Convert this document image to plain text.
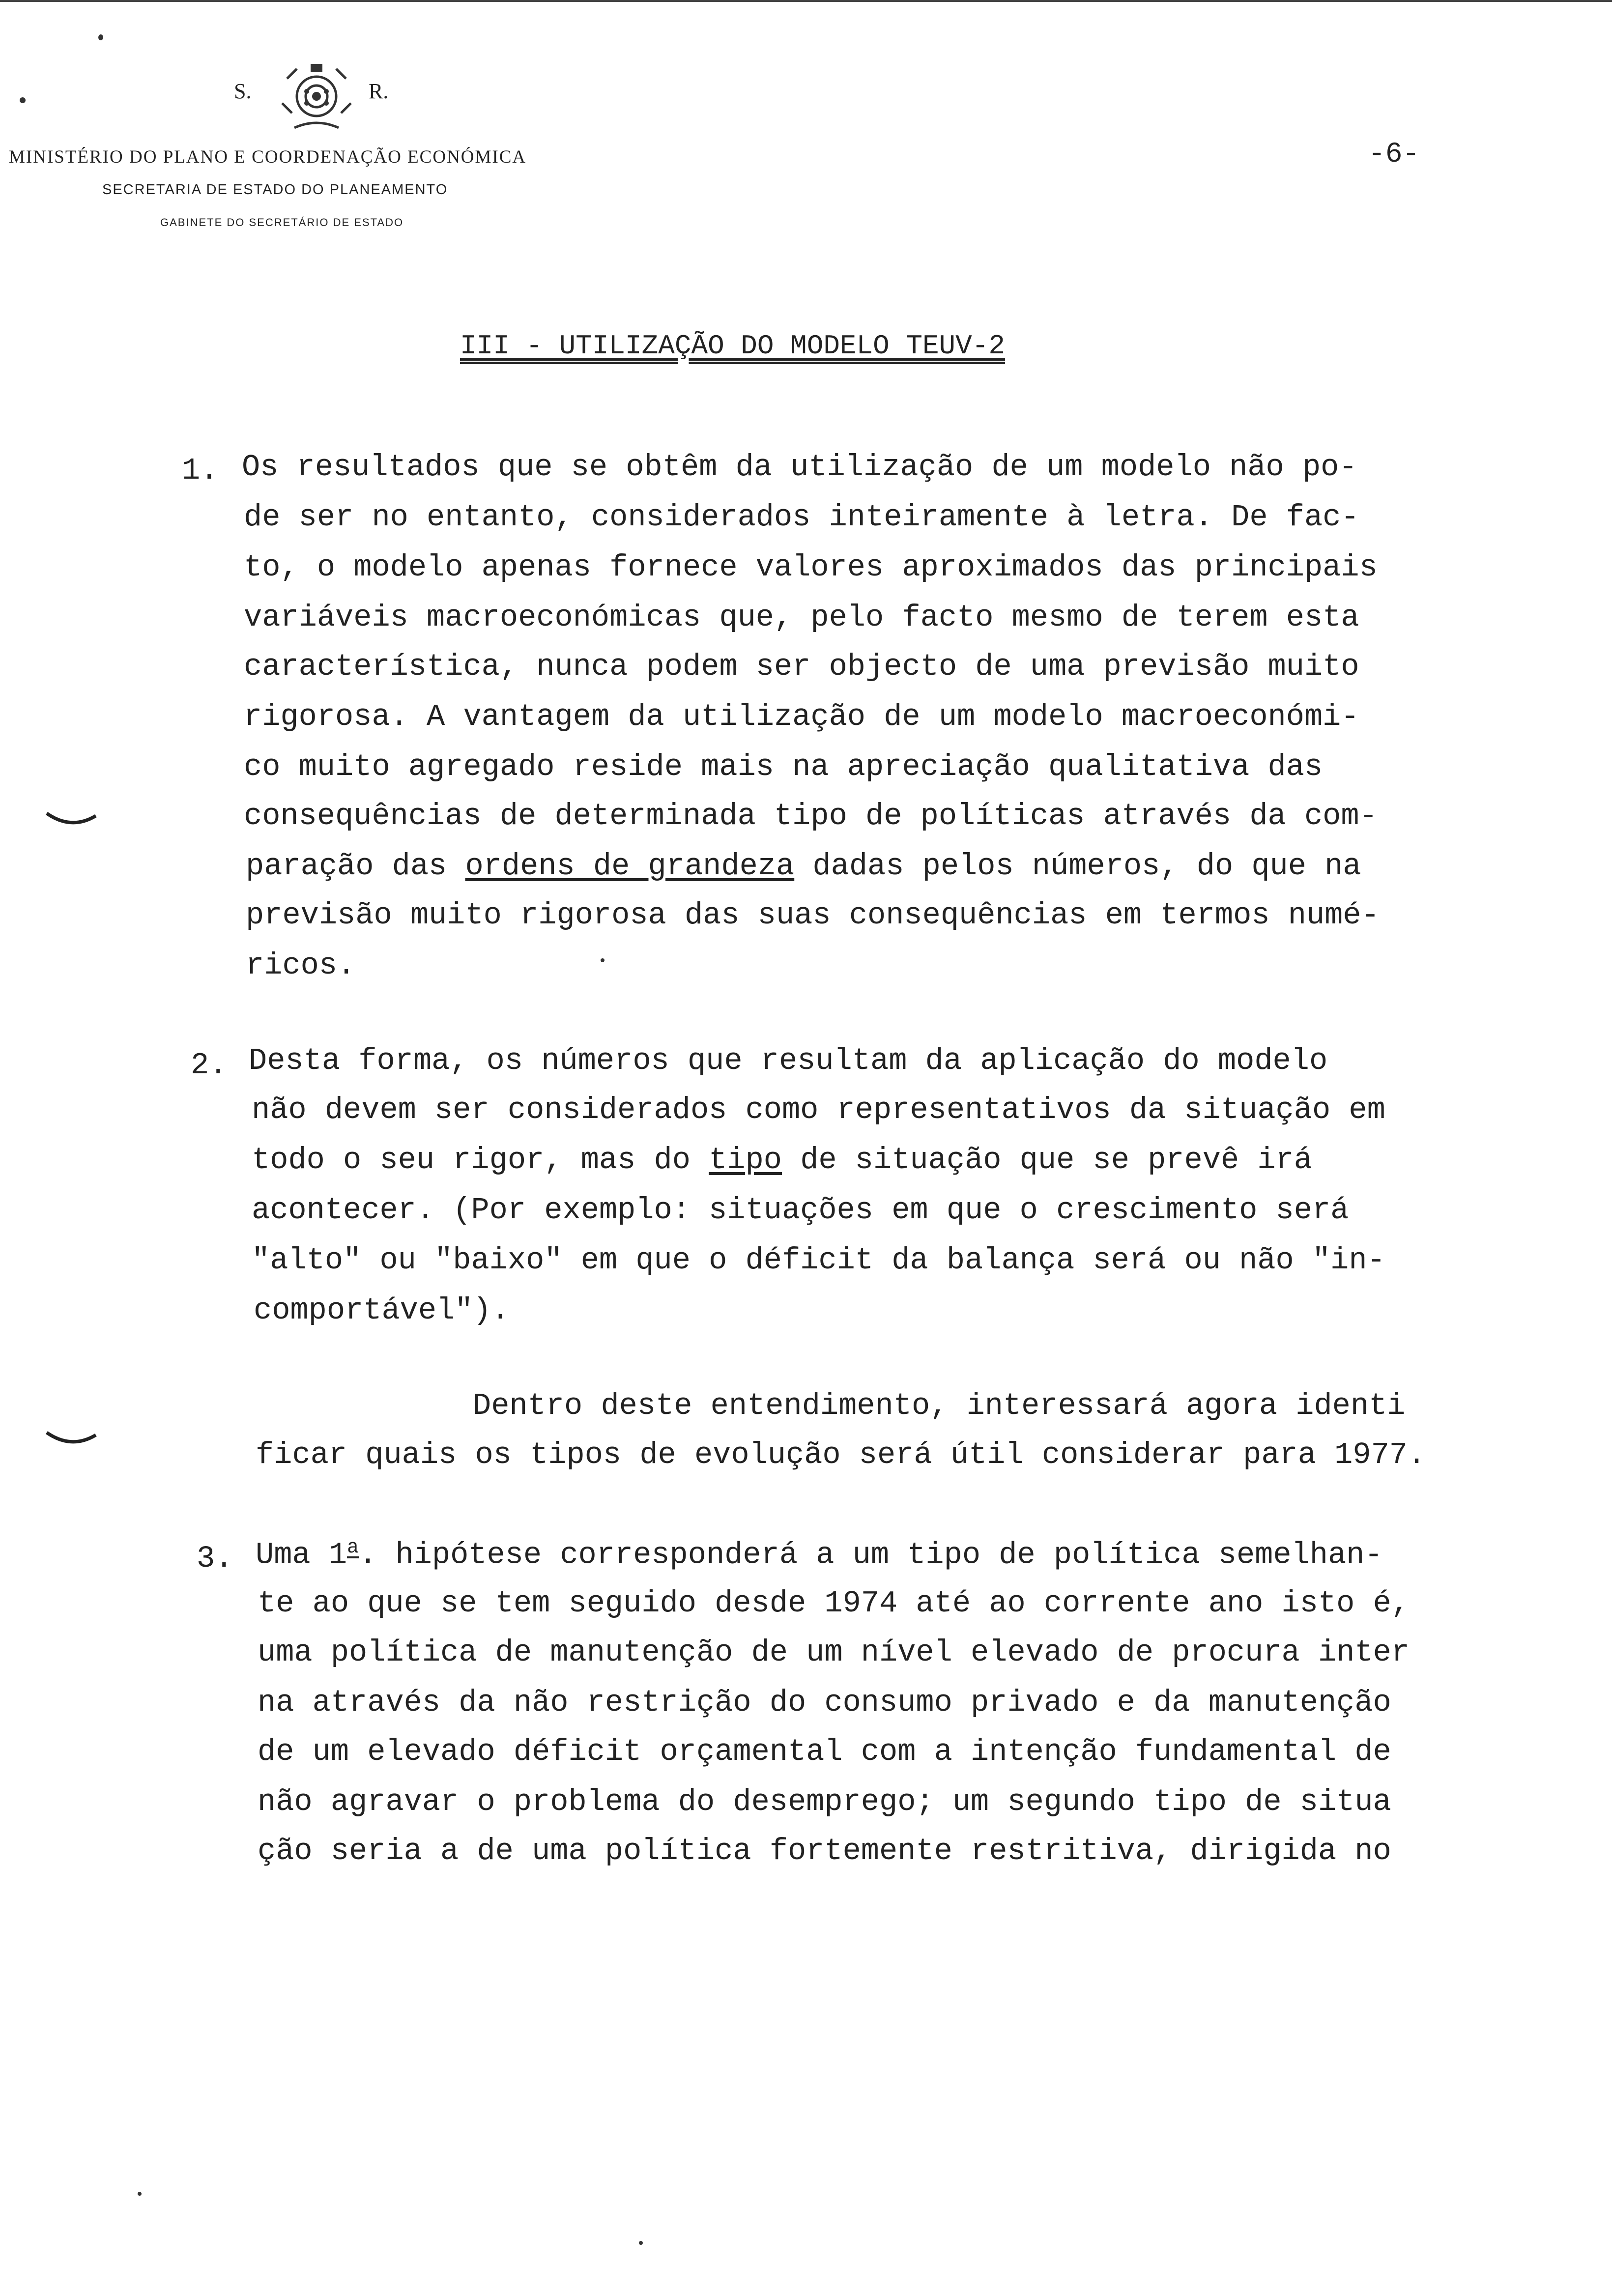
S.	R.
MINISTÉRIO DO PLANO E COORDENAÇÃO ECONÓMICA
SECRETARIA DE ESTADO DO PLANEAMENTO
GABINETE DO SECRETÁRIO DE ESTADO
-6-
III - UTILIZAÇÃO DO MODELO TEUV-2
1. Os resultados que se obtêm da utilização de um modelo não po-
de ser no entanto, considerados inteiramente à letra. De fac-
to, o modelo apenas fornece valores aproximados das principais
variáveis macroeconómicas que, pelo facto mesmo de terem esta
característica, nunca podem ser objecto de uma previsão muito
rigorosa. A vantagem da utilização de um modelo macroeconómi-
co muito agregado reside mais na apreciação qualitativa das
consequências de determinada tipo de políticas através da com-
paração das ordens de grandeza dadas pelos números, do que na
previsão muito rigorosa das suas consequências em termos numé-
ricos.
2. Desta forma, os números que resultam da aplicação do modelo
não devem ser considerados como representativos da situação em
todo o seu rigor, mas do tipo de situação que se prevê irá
acontecer. (Por exemplo: situações em que o crescimento será
"alto" ou "baixo" em que o déficit da balança será ou não "in-
comportável").
Dentro deste entendimento, interessará agora identi
ficar quais os tipos de evolução será útil considerar para 1977.
3. Uma 1$^a$. hipótese corresponderá a um tipo de política semelhan-
te ao que se tem seguido desde 1974 até ao corrente ano isto é,
uma política de manutenção de um nível elevado de procura inter
na através da não restrição do consumo privado e da manutenção
de um elevado déficit orçamental com a intenção fundamental de
não agravar o problema do desemprego; um segundo tipo de situa
ção seria a de uma política fortemente restritiva, dirigida no
